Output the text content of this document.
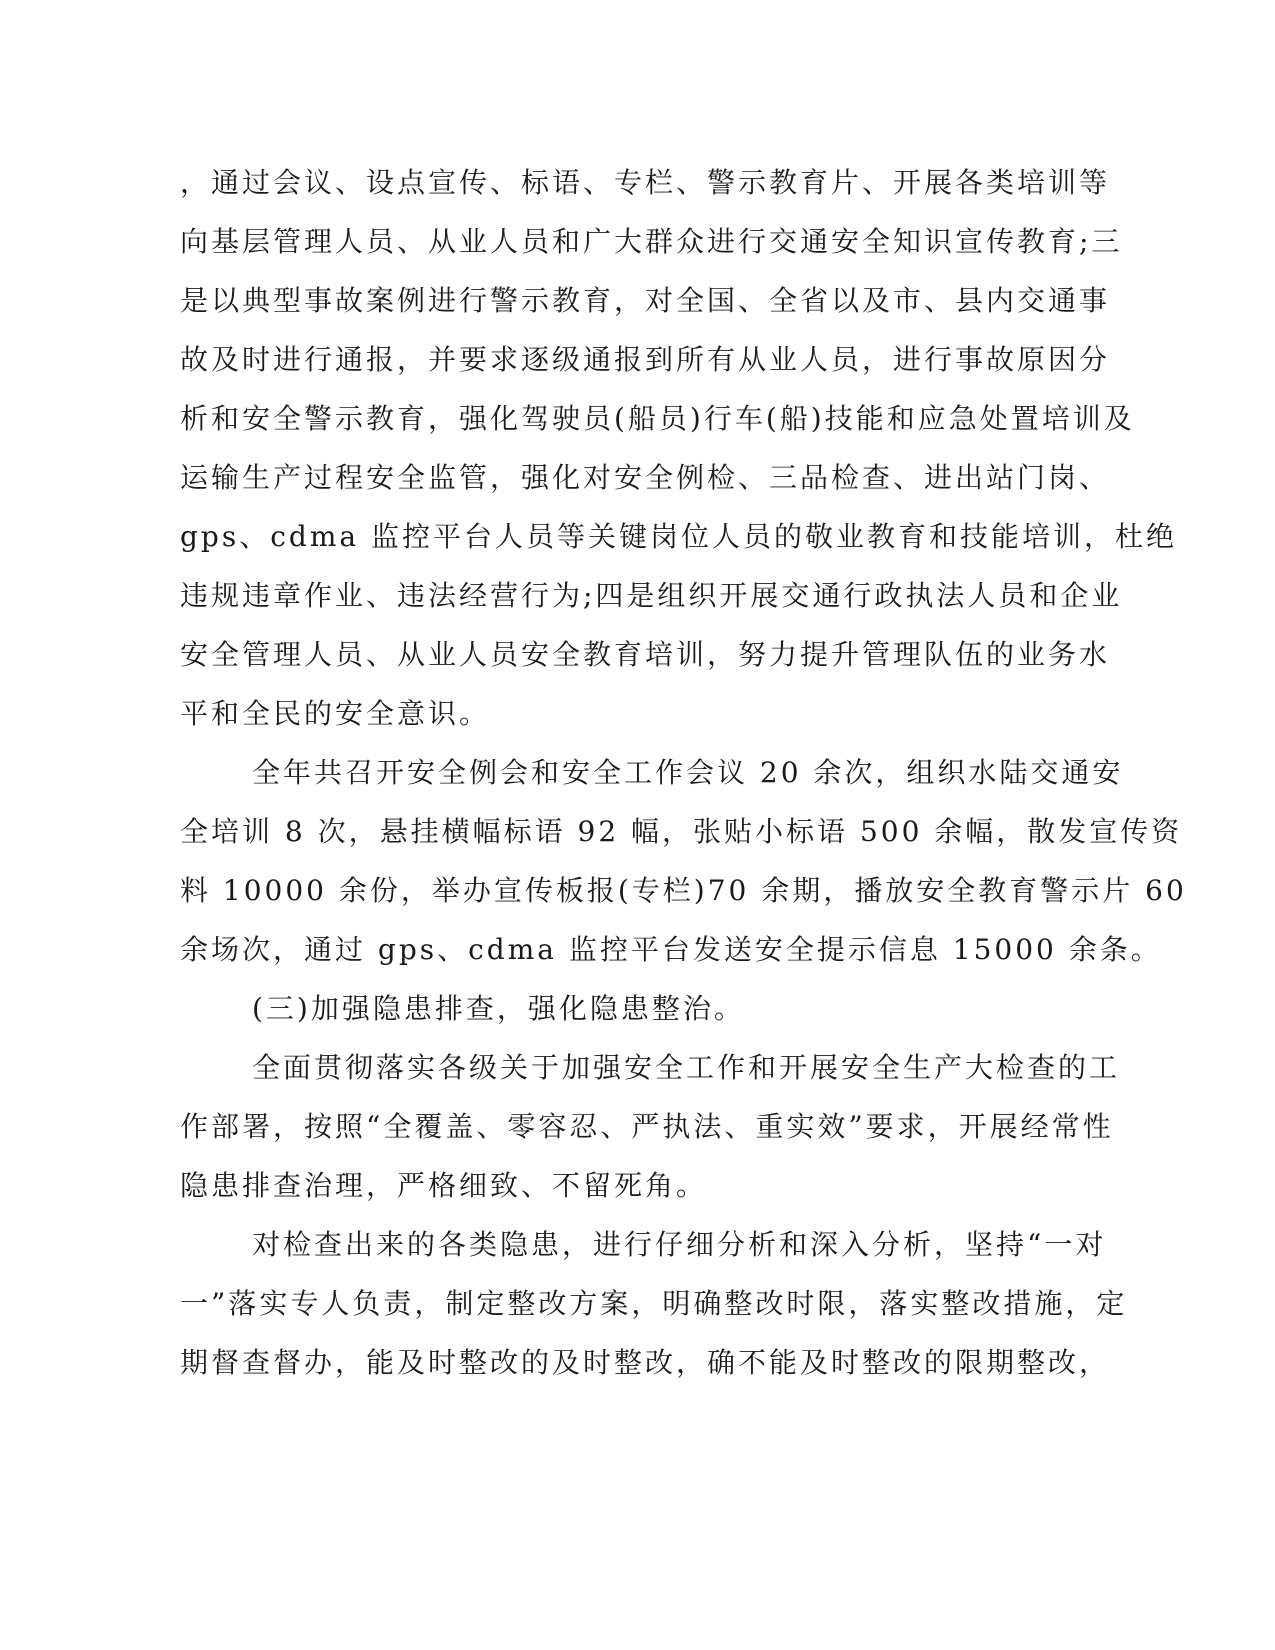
，通过会议、设点宣传、标语、专栏、警示教育片、开展各类培训等
向基层管理人员、从业人员和广大群众进行交通安全知识宣传教育;三
是以典型事故案例进行警示教育，对全国、全省以及市、县内交通事
故及时进行通报，并要求逐级通报到所有从业人员，进行事故原因分
析和安全警示教育，强化驾驶员(船员)行车(船)技能和应急处置培训及
运输生产过程安全监管，强化对安全例检、三品检查、进出站门岗、
gps、cdma 监控平台人员等关键岗位人员的敬业教育和技能培训，杜绝
违规违章作业、违法经营行为;四是组织开展交通行政执法人员和企业
安全管理人员、从业人员安全教育培训，努力提升管理队伍的业务水
平和全民的安全意识。
全年共召开安全例会和安全工作会议 20 余次，组织水陆交通安
全培训 8 次，悬挂横幅标语 92 幅，张贴小标语 500 余幅，散发宣传资
料 10000 余份，举办宣传板报(专栏)70 余期，播放安全教育警示片 60
余场次，通过 gps、cdma 监控平台发送安全提示信息 15000 余条。
(三)加强隐患排查，强化隐患整治。
全面贯彻落实各级关于加强安全工作和开展安全生产大检查的工
作部署，按照“全覆盖、零容忍、严执法、重实效”要求，开展经常性
隐患排查治理，严格细致、不留死角。
对检查出来的各类隐患，进行仔细分析和深入分析，坚持“一对
一”落实专人负责，制定整改方案，明确整改时限，落实整改措施，定
期督查督办，能及时整改的及时整改，确不能及时整改的限期整改，
